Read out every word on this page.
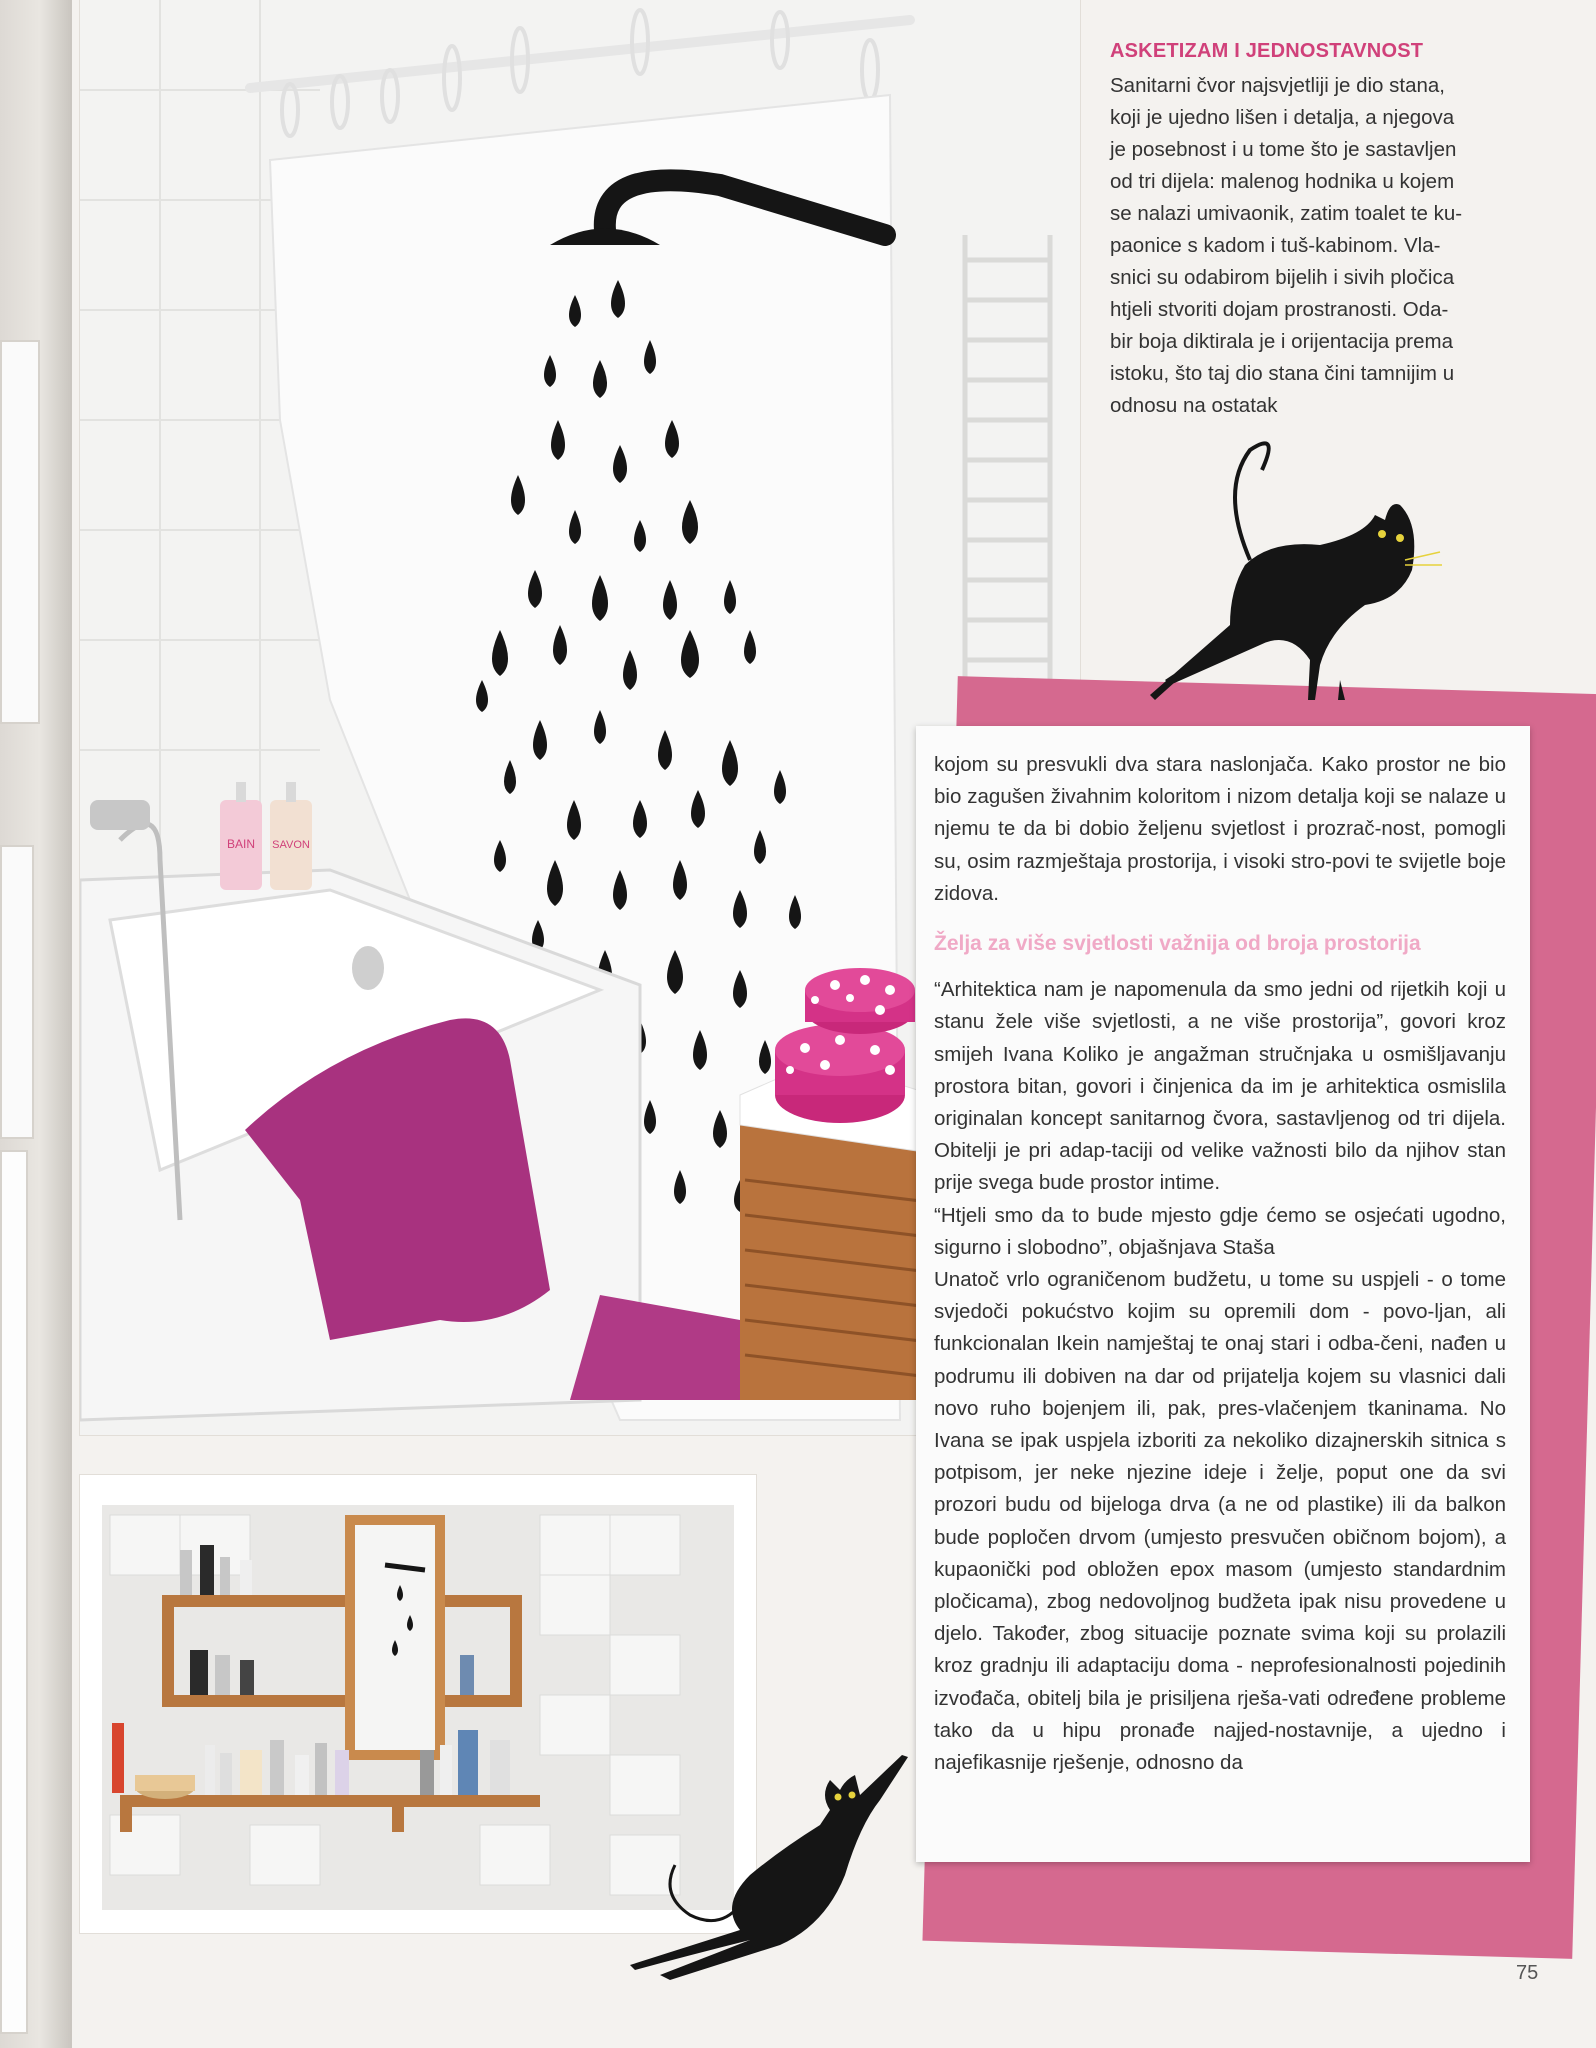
BAIN SAVON
ASKETIZAM I JEDNOSTAVNOST

Sanitarni čvor najsvjetliji je dio stana,

koji je ujedno lišen i detalja, a njegova

je posebnost i u tome što je sastavljen

od tri dijela: malenog hodnika u kojem

se nalazi umivaonik, zatim toalet te ku-

paonice s kadom i tuš-kabinom. Vla-

snici su odabirom bijelih i sivih pločica

htjeli stvoriti dojam prostranosti. Oda-

bir boja diktirala je i orijentacija prema

istoku, što taj dio stana čini tamnijim u

odnosu na ostatak

kojom su presvukli dva stara naslonjača. Kako prostor ne bio bio zagušen živahnim koloritom i nizom detalja koji se nalaze u njemu te da bi dobio željenu svjetlost i prozrač-nost, pomogli su, osim razmještaja prostorija, i visoki stro-povi te svijetle boje zidova.

Želja za više svjetlosti važnija od broja prostorija

“Arhitektica nam je napomenula da smo jedni od rijetkih koji u stanu žele više svjetlosti, a ne više prostorija”, govori kroz smijeh Ivana Koliko je angažman stručnjaka u osmišljavanju prostora bitan, govori i činjenica da im je arhitektica osmislila originalan koncept sanitarnog čvora, sastavljenog od tri dijela. Obitelji je pri adap-taciji od velike važnosti bilo da njihov stan prije svega bude prostor intime.

“Htjeli smo da to bude mjesto gdje ćemo se osjećati ugodno, sigurno i slobodno”, objašnjava Staša

Unatoč vrlo ograničenom budžetu, u tome su uspjeli - o tome svjedoči pokućstvo kojim su opremili dom - povo-ljan, ali funkcionalan Ikein namještaj te onaj stari i odba-čeni, nađen u podrumu ili dobiven na dar od prijatelja kojem su vlasnici dali novo ruho bojenjem ili, pak, pres-vlačenjem tkaninama. No Ivana se ipak uspjela izboriti za nekoliko dizajnerskih sitnica s potpisom, jer neke njezine ideje i želje, poput one da svi prozori budu od bijeloga drva (a ne od plastike) ili da balkon bude popločen drvom (umjesto presvučen običnom bojom), a kupaonički pod obložen epox masom (umjesto standardnim pločicama), zbog nedovoljnog budžeta ipak nisu provedene u djelo. Također, zbog situacije poznate svima koji su prolazili kroz gradnju ili adaptaciju doma - neprofesionalnosti pojedinih izvođača, obitelj bila je prisiljena rješa-vati određene probleme tako da u hipu pronađe najjed-nostavnije, a ujedno i najefikasnije rješenje, odnosno da

75
